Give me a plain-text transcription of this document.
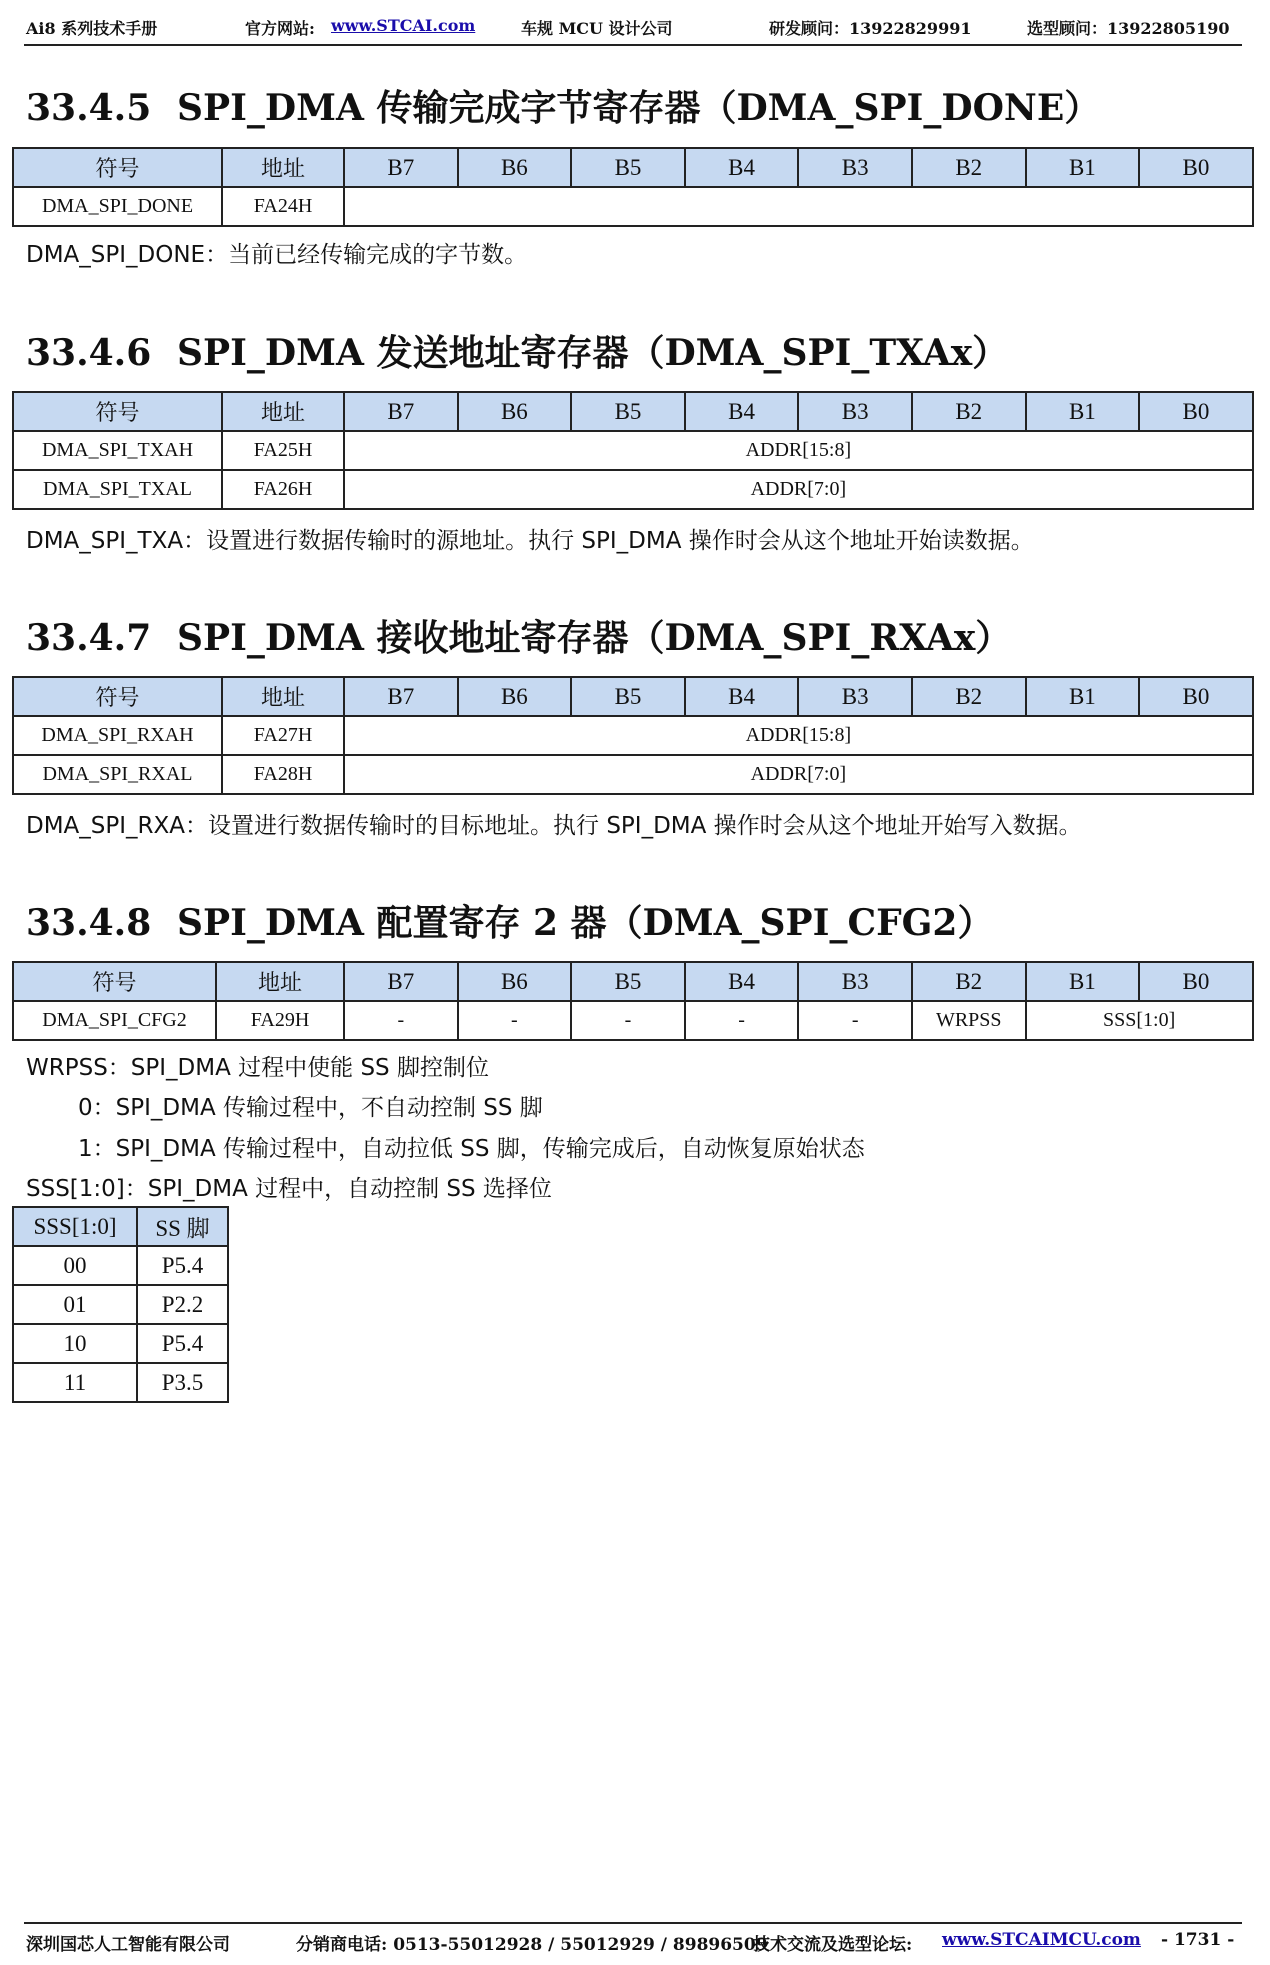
Ai8 系列技术手册	官方网站: www.STCAI.com	车规 MCU 设计公司	研发顾问：13922829991	选型顾问：13922805190
33.4.5 SPI_DMA 传输完成字节寄存器（DMA_SPI_DONE）
符号	地址	B7	B6	B5	B4	B3	B2	B1	B0
DMA_SPI_DONE	FA24H								

DMA_SPI_DONE：当前已经传输完成的字节数。

33.4.6 SPI_DMA 发送地址寄存器（DMA_SPI_TXAx）
符号	地址	B7	B6	B5	B4	B3	B2	B1	B0
DMA_SPI_TXAH	FA25H	ADDR[15:8]							
DMA_SPI_TXAL	FA26H	ADDR[7:0]							

DMA_SPI_TXA：设置进行数据传输时的源地址。执行 SPI_DMA 操作时会从这个地址开始读数据。

33.4.7 SPI_DMA 接收地址寄存器（DMA_SPI_RXAx）
符号	地址	B7	B6	B5	B4	B3	B2	B1	B0
DMA_SPI_RXAH	FA27H	ADDR[15:8]							
DMA_SPI_RXAL	FA28H	ADDR[7:0]							

DMA_SPI_RXA：设置进行数据传输时的目标地址。执行 SPI_DMA 操作时会从这个地址开始写入数据。

33.4.8 SPI_DMA 配置寄存 2 器（DMA_SPI_CFG2）
符号	地址	B7	B6	B5	B4	B3	B2	B1	B0
DMA_SPI_CFG2	FA29H	-	-	-	-	-	WRPSS	SSS[1:0]	

WRPSS：SPI_DMA 过程中使能 SS 脚控制位

0：SPI_DMA 传输过程中，不自动控制 SS 脚

1：SPI_DMA 传输过程中，自动拉低 SS 脚，传输完成后，自动恢复原始状态

SSS[1:0]：SPI_DMA 过程中，自动控制 SS 选择位

SSS[1:0]	SS 脚
00	P5.4
01	P2.2
10	P5.4
11	P3.5
深圳国芯人工智能有限公司	分销商电话: 0513-55012928 / 55012929 / 89896509
技术交流及选型论坛: www.STCAIMCU.com - 1731 -
